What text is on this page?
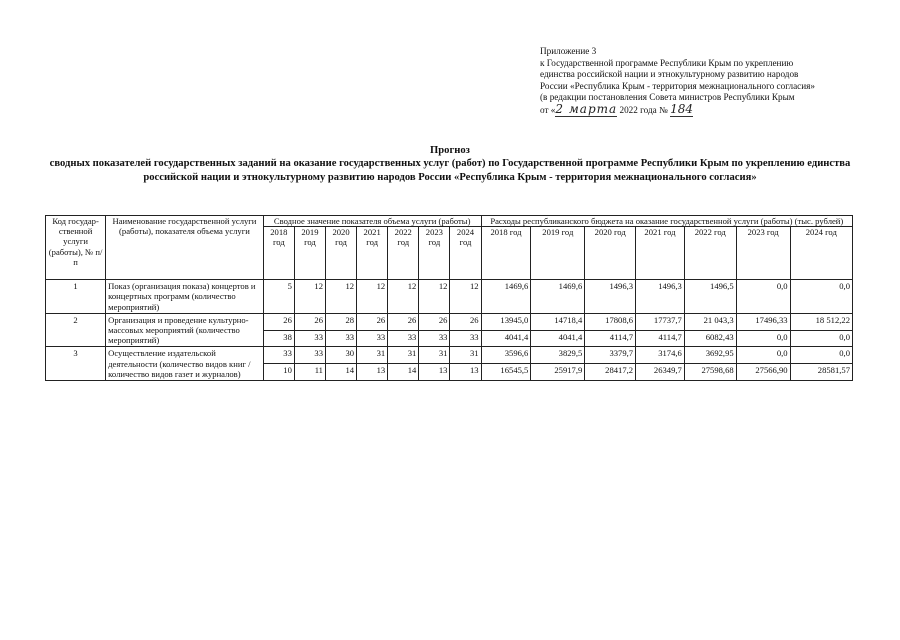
Приложение 3
к Государственной программе Республики Крым по укреплению
единства российской нации и этнокультурному развитию народов
России «Республика Крым - территория межнационального согласия»
(в редакции постановления Совета министров Республики Крым
от «2 марта 2022 года № 184
Прогноз
сводных показателей государственных заданий на оказание государственных услуг (работ) по Государственной программе Республики Крым по укреплению единства российской нации и этнокультурному развитию народов России «Республика Крым - территория межнационального согласия»
Код государ-ственной услуги (работы), № п/п	Наименование государственной услуги (работы), показателя объема услуги	Сводное значение показателя объема услуги (работы)							Расходы республиканского бюджета на оказание государственной услуги (работы) (тыс. рублей)						
		2018 год	2019 год	2020 год	2021 год	2022 год	2023 год	2024 год	2018 год	2019 год	2020 год	2021 год	2022 год	2023 год	2024 год
1	Показ (организация показа) концертов и концертных программ (количество мероприятий)	5	12	12	12	12	12	12	1469,6	1469,6	1496,3	1496,3	1496,5	0,0	0,0
2	Организация и проведение культурно-массовых мероприятий (количество мероприятий)	26	26	28	26	26	26	26	13945,0	14718,4	17808,6	17737,7	21 043,3	17496,33	18 512,22
		38	33	33	33	33	33	33	4041,4	4041,4	4114,7	4114,7	6082,43	0,0	0,0
3	Осуществление издательской деятельности (количество видов книг / количество видов газет и журналов)	33	33	30	31	31	31	31	3596,6	3829,5	3379,7	3174,6	3692,95	0,0	0,0
		10	11	14	13	14	13	13	16545,5	25917,9	28417,2	26349,7	27598,68	27566,90	28581,57
